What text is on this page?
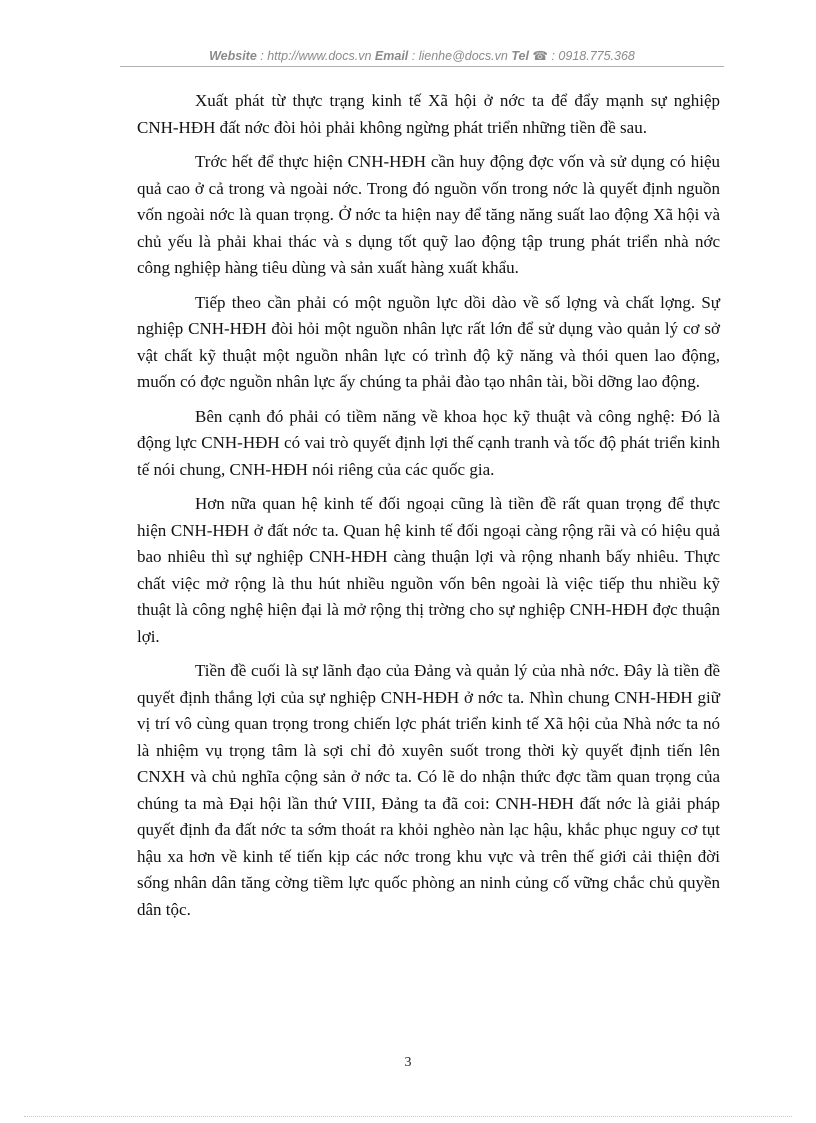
Website : http://www.docs.vn Email : lienhe@docs.vn Tel ☎ : 0918.775.368

Xuất phát từ thực trạng kinh tế Xã hội ở nớc ta để đẩy mạnh sự nghiệp CNH-HĐH đất nớc đòi hỏi phải không ngừng phát triển những tiền đề sau.

Trớc hết để thực hiện CNH-HĐH cần huy động đợc vốn và sử dụng có hiệu quả cao ở cả trong và ngoài nớc. Trong đó nguồn vốn trong nớc là quyết định nguồn vốn ngoài nớc là quan trọng. Ở nớc ta hiện nay để tăng năng suất lao động Xã hội và chủ yếu là phải khai thác và s dụng tốt quỹ lao động tập trung phát triển nhà nớc công nghiệp hàng tiêu dùng và sản xuất hàng xuất khẩu.

Tiếp theo cần phải có một nguồn lực dồi dào về số lợng và chất lợng. Sự nghiệp CNH-HĐH đòi hỏi một nguồn nhân lực rất lớn để sử dụng vào quản lý cơ sở vật chất kỹ thuật một nguồn nhân lực có trình độ kỹ năng và thói quen lao động, muốn có đợc nguồn nhân lực ấy chúng ta phải đào tạo nhân tài, bồi dỡng lao động.

Bên cạnh đó phải có tiềm năng về khoa học kỹ thuật và công nghệ: Đó là động lực CNH-HĐH có vai trò quyết định lợi thế cạnh tranh và tốc độ phát triển kinh tế nói chung, CNH-HĐH nói riêng của các quốc gia.

Hơn nữa quan hệ kinh tế đối ngoại cũng là tiền đề rất quan trọng để thực hiện CNH-HĐH ở đất nớc ta. Quan hệ kinh tế đối ngoại càng rộng rãi và có hiệu quả bao nhiêu thì sự nghiệp CNH-HĐH càng thuận lợi và rộng nhanh bấy nhiêu. Thực chất việc mở rộng là thu hút nhiều nguồn vốn bên ngoài là việc tiếp thu nhiều kỹ thuật là công nghệ hiện đại là mở rộng thị trờng cho sự nghiệp CNH-HĐH đợc thuận lợi.

Tiền đề cuối là sự lãnh đạo của Đảng và quản lý của nhà nớc. Đây là tiền đề quyết định thắng lợi của sự nghiệp CNH-HĐH ở nớc ta. Nhìn chung CNH-HĐH giữ vị trí vô cùng quan trọng trong chiến lợc phát triển kinh tế Xã hội của Nhà nớc ta nó là nhiệm vụ trọng tâm là sợi chỉ đỏ xuyên suốt trong thời kỳ quyết định tiến lên CNXH và chủ nghĩa cộng sản ở nớc ta. Có lẽ do nhận thức đợc tầm quan trọng của chúng ta mà Đại hội lần thứ VIII, Đảng ta đã coi: CNH-HĐH đất nớc là giải pháp quyết định đa đất nớc ta sớm thoát ra khỏi nghèo nàn lạc hậu, khắc phục nguy cơ tụt hậu xa hơn về kinh tế tiến kịp các nớc trong khu vực và trên thế giới cải thiện đời sống nhân dân tăng cờng tiềm lực quốc phòng an ninh củng cố vững chắc chủ quyền dân tộc.

3
